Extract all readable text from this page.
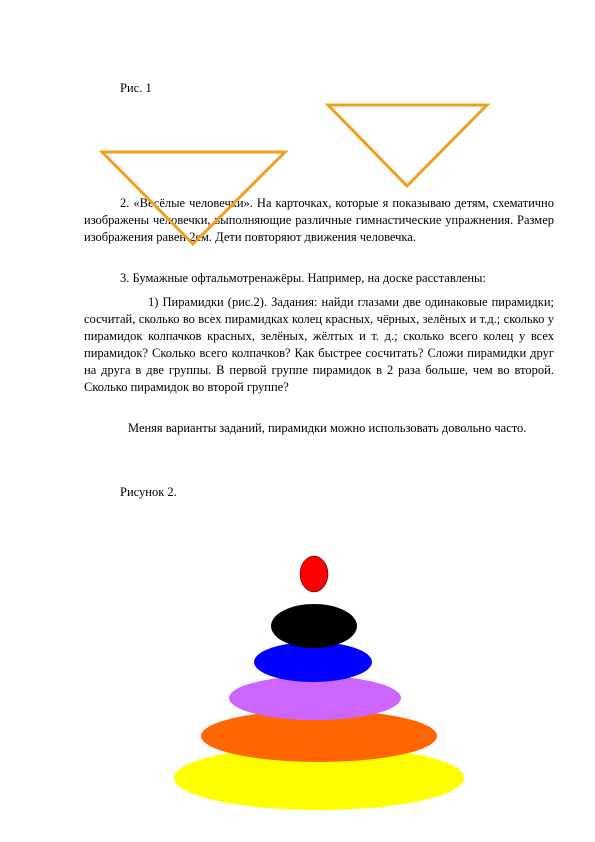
Рис. 1
2. «Весёлые человечки». На карточках, которые я показываю детям, схематично изображены человечки, выполняющие различные гимнастические упражнения. Размер изображения равен 2см. Дети повторяют движения человечка.
3. Бумажные офтальмотренажёры. Например, на доске расставлены:
1) Пирамидки (рис.2). Задания: найди глазами две одинаковые пирамидки; сосчитай, сколько во всех пирамидках колец красных, чёрных, зелёных и т.д.; сколько у пирамидок колпачков красных, зелёных, жёлтых и т. д.; сколько всего колец у всех пирамидок? Сколько всего колпачков? Как быстрее сосчитать? Сложи пирамидки друг на друга в две группы. В первой группе пирамидок в 2 раза больше, чем во второй. Сколько пирамидок во второй группе?
Меняя варианты заданий, пирамидки можно использовать довольно часто.
Рисунок 2.
